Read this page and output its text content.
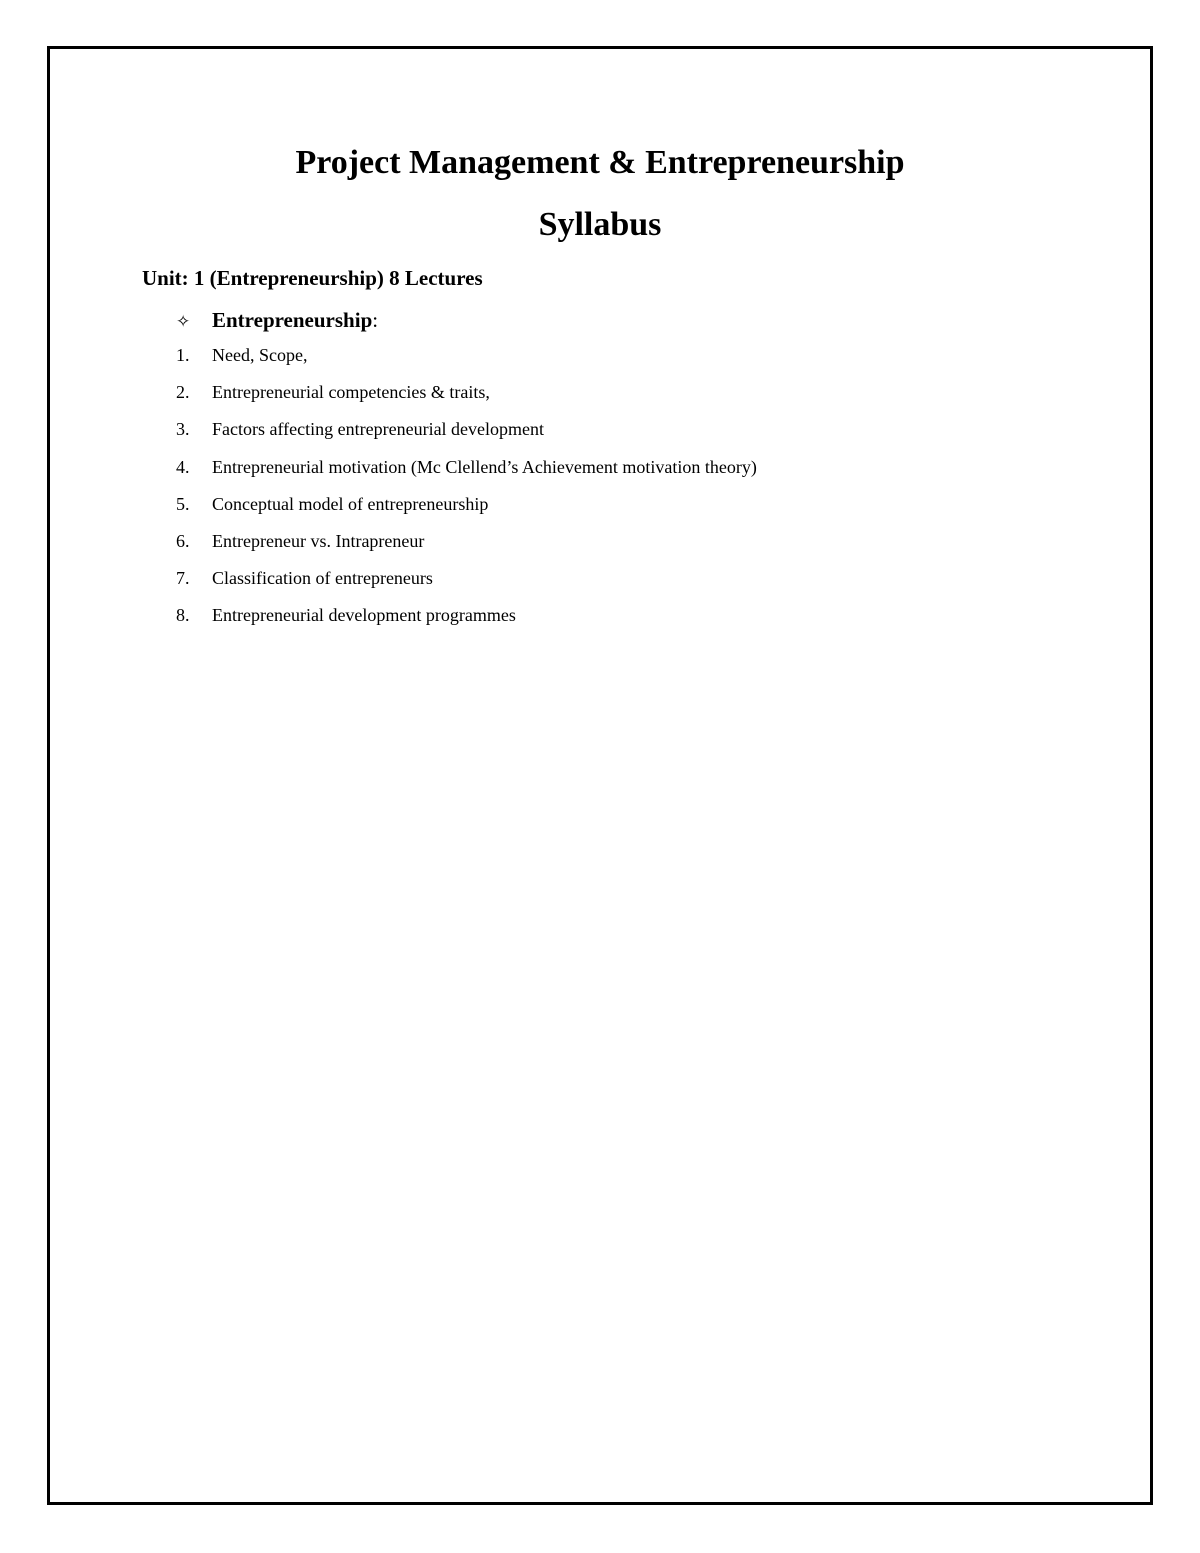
Project Management & Entrepreneurship
Syllabus
Unit: 1 (Entrepreneurship) 8 Lectures
✧	Entrepreneurship :
1.	Need, Scope,
2.	Entrepreneurial competencies & traits,
3.	Factors affecting entrepreneurial development
4.	Entrepreneurial motivation (Mc Clellend’s Achievement motivation theory)
5.	Conceptual model of entrepreneurship
6.	Entrepreneur vs. Intrapreneur
7.	Classification of entrepreneurs
8.	Entrepreneurial development programmes
